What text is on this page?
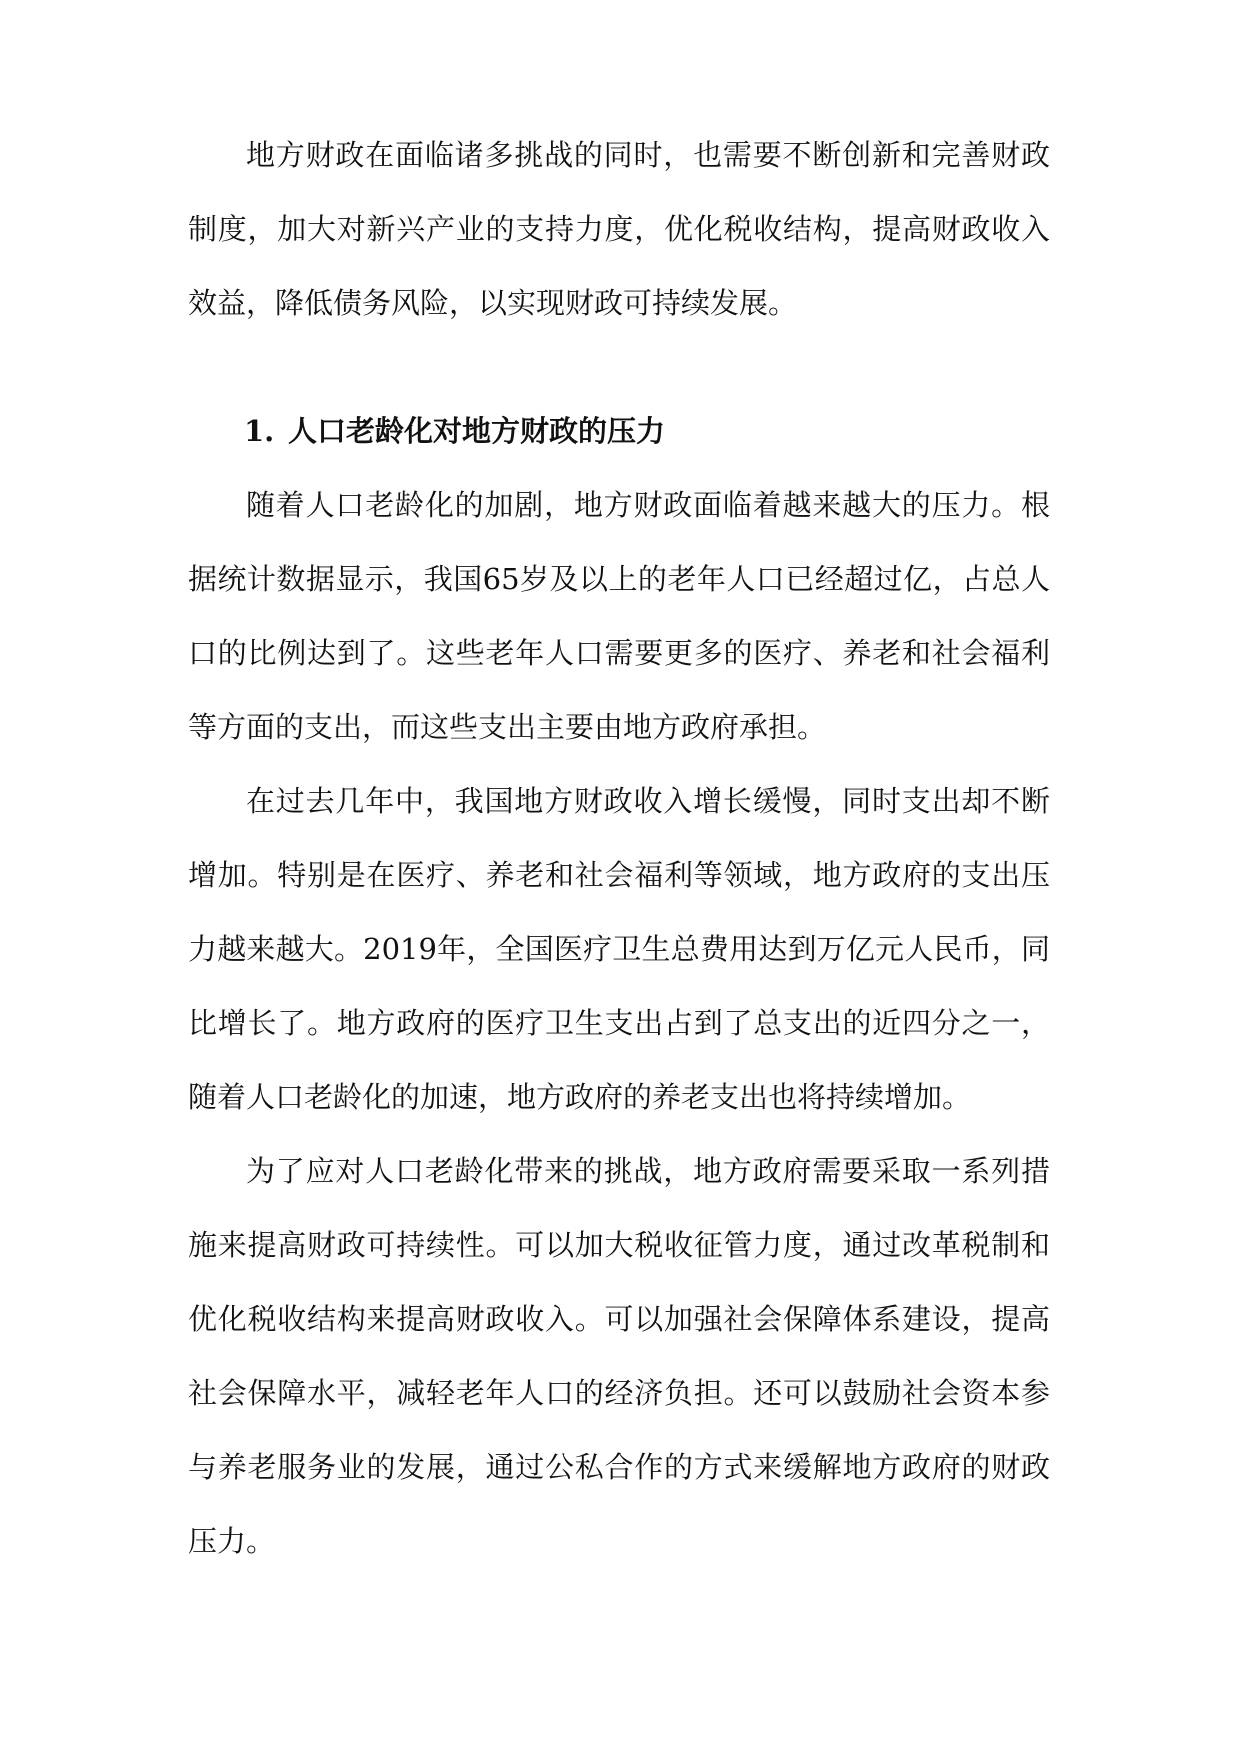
地方财政在面临诸多挑战的同时，也需要不断创新和完善财政制度，加大对新兴产业的支持力度，优化税收结构，提高财政收入效益，降低债务风险，以实现财政可持续发展。

1. 人口老龄化对地方财政的压力

随着人口老龄化的加剧，地方财政面临着越来越大的压力。根据统计数据显示，我国65岁及以上的老年人口已经超过亿，占总人口的比例达到了。这些老年人口需要更多的医疗、养老和社会福利等方面的支出，而这些支出主要由地方政府承担。

在过去几年中，我国地方财政收入增长缓慢，同时支出却不断增加。特别是在医疗、养老和社会福利等领域，地方政府的支出压力越来越大。2019年，全国医疗卫生总费用达到万亿元人民币，同比增长了。地方政府的医疗卫生支出占到了总支出的近四分之一，随着人口老龄化的加速，地方政府的养老支出也将持续增加。

为了应对人口老龄化带来的挑战，地方政府需要采取一系列措施来提高财政可持续性。可以加大税收征管力度，通过改革税制和优化税收结构来提高财政收入。可以加强社会保障体系建设，提高社会保障水平，减轻老年人口的经济负担。还可以鼓励社会资本参与养老服务业的发展，通过公私合作的方式来缓解地方政府的财政压力。
